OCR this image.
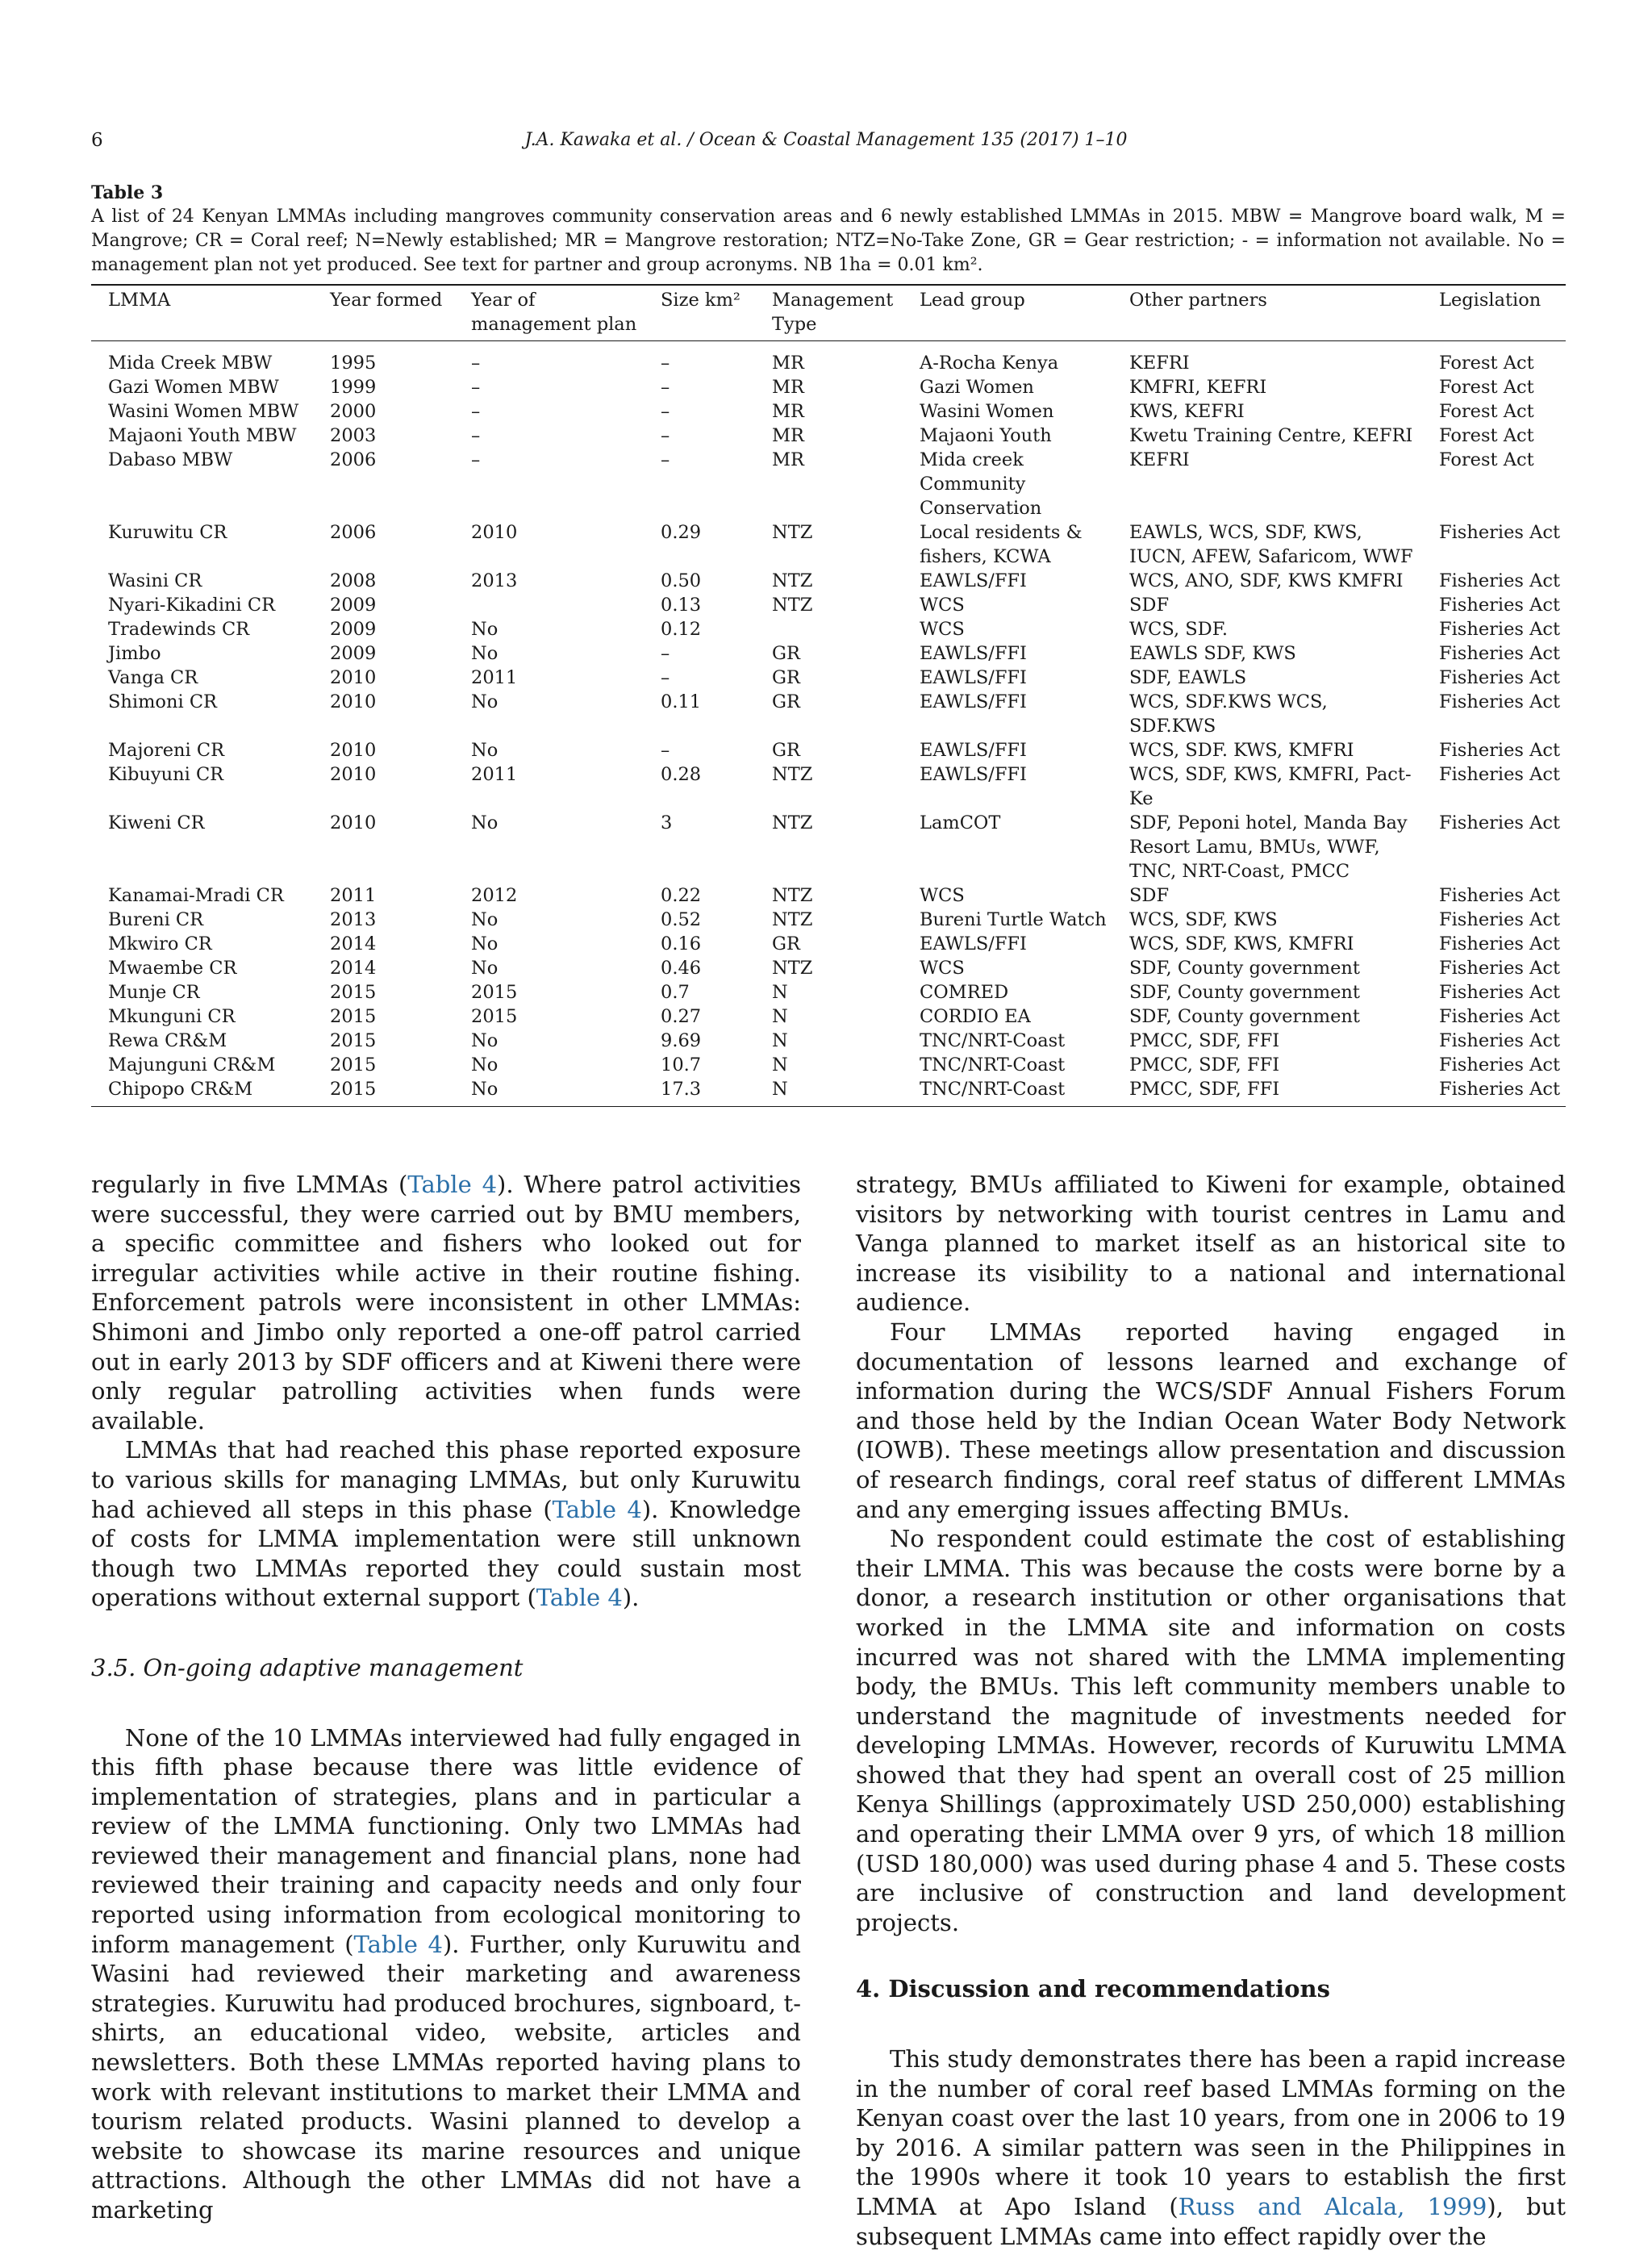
6	J.A. Kawaka et al. / Ocean & Coastal Management 135 (2017) 1–10
Table 3
A list of 24 Kenyan LMMAs including mangroves community conservation areas and 6 newly established LMMAs in 2015. MBW = Mangrove board walk, M = Mangrove; CR = Coral reef; N=Newly established; MR = Mangrove restoration; NTZ=No-Take Zone, GR = Gear restriction; - = information not available. No = management plan not yet produced. See text for partner and group acronyms. NB 1ha = 0.01 km².
LMMA	Year formed	Year of management plan	Size km²	Management Type	Lead group	Other partners	Legislation
Mida Creek MBW	1995	–	–	MR	A-Rocha Kenya	KEFRI	Forest Act
Gazi Women MBW	1999	–	–	MR	Gazi Women	KMFRI, KEFRI	Forest Act
Wasini Women MBW	2000	–	–	MR	Wasini Women	KWS, KEFRI	Forest Act
Majaoni Youth MBW	2003	–	–	MR	Majaoni Youth	Kwetu Training Centre, KEFRI	Forest Act
Dabaso MBW	2006	–	–	MR	Mida creek Community Conservation	KEFRI	Forest Act
Kuruwitu CR	2006	2010	0.29	NTZ	Local residents & fishers, KCWA	EAWLS, WCS, SDF, KWS, IUCN, AFEW, Safaricom, WWF	Fisheries Act
Wasini CR	2008	2013	0.50	NTZ	EAWLS/FFI	WCS, ANO, SDF, KWS KMFRI	Fisheries Act
Nyari-Kikadini CR	2009		0.13	NTZ	WCS	SDF	Fisheries Act
Tradewinds CR	2009	No	0.12		WCS	WCS, SDF.	Fisheries Act
Jimbo	2009	No	–	GR	EAWLS/FFI	EAWLS SDF, KWS	Fisheries Act
Vanga CR	2010	2011	–	GR	EAWLS/FFI	SDF, EAWLS	Fisheries Act
Shimoni CR	2010	No	0.11	GR	EAWLS/FFI	WCS, SDF.KWS WCS, SDF.KWS	Fisheries Act
Majoreni CR	2010	No	–	GR	EAWLS/FFI	WCS, SDF. KWS, KMFRI	Fisheries Act
Kibuyuni CR	2010	2011	0.28	NTZ	EAWLS/FFI	WCS, SDF, KWS, KMFRI, Pact-Ke	Fisheries Act
Kiweni CR	2010	No	3	NTZ	LamCOT	SDF, Peponi hotel, Manda Bay Resort Lamu, BMUs, WWF, TNC, NRT-Coast, PMCC	Fisheries Act
Kanamai-Mradi CR	2011	2012	0.22	NTZ	WCS	SDF	Fisheries Act
Bureni CR	2013	No	0.52	NTZ	Bureni Turtle Watch	WCS, SDF, KWS	Fisheries Act
Mkwiro CR	2014	No	0.16	GR	EAWLS/FFI	WCS, SDF, KWS, KMFRI	Fisheries Act
Mwaembe CR	2014	No	0.46	NTZ	WCS	SDF, County government	Fisheries Act
Munje CR	2015	2015	0.7	N	COMRED	SDF, County government	Fisheries Act
Mkunguni CR	2015	2015	0.27	N	CORDIO EA	SDF, County government	Fisheries Act
Rewa CR&M	2015	No	9.69	N	TNC/NRT-Coast	PMCC, SDF, FFI	Fisheries Act
Majunguni CR&M	2015	No	10.7	N	TNC/NRT-Coast	PMCC, SDF, FFI	Fisheries Act
Chipopo CR&M	2015	No	17.3	N	TNC/NRT-Coast	PMCC, SDF, FFI	Fisheries Act

regularly in five LMMAs (Table 4). Where patrol activities were successful, they were carried out by BMU members, a specific committee and fishers who looked out for irregular activities while active in their routine fishing. Enforcement patrols were inconsistent in other LMMAs: Shimoni and Jimbo only reported a one-off patrol carried out in early 2013 by SDF officers and at Kiweni there were only regular patrolling activities when funds were available.

LMMAs that had reached this phase reported exposure to various skills for managing LMMAs, but only Kuruwitu had achieved all steps in this phase (Table 4). Knowledge of costs for LMMA implementation were still unknown though two LMMAs reported they could sustain most operations without external support (Table 4).

3.5. On-going adaptive management

None of the 10 LMMAs interviewed had fully engaged in this fifth phase because there was little evidence of implementation of strategies, plans and in particular a review of the LMMA functioning. Only two LMMAs had reviewed their management and financial plans, none had reviewed their training and capacity needs and only four reported using information from ecological monitoring to inform management (Table 4). Further, only Kuruwitu and Wasini had reviewed their marketing and awareness strategies. Kuruwitu had produced brochures, signboard, t-shirts, an educational video, website, articles and newsletters. Both these LMMAs reported having plans to work with relevant institutions to market their LMMA and tourism related products. Wasini planned to develop a website to showcase its marine resources and unique attractions. Although the other LMMAs did not have a marketing

strategy, BMUs affiliated to Kiweni for example, obtained visitors by networking with tourist centres in Lamu and Vanga planned to market itself as an historical site to increase its visibility to a national and international audience.

Four LMMAs reported having engaged in documentation of lessons learned and exchange of information during the WCS/SDF Annual Fishers Forum and those held by the Indian Ocean Water Body Network (IOWB). These meetings allow presentation and discussion of research findings, coral reef status of different LMMAs and any emerging issues affecting BMUs.

No respondent could estimate the cost of establishing their LMMA. This was because the costs were borne by a donor, a research institution or other organisations that worked in the LMMA site and information on costs incurred was not shared with the LMMA implementing body, the BMUs. This left community members unable to understand the magnitude of investments needed for developing LMMAs. However, records of Kuruwitu LMMA showed that they had spent an overall cost of 25 million Kenya Shillings (approximately USD 250,000) establishing and operating their LMMA over 9 yrs, of which 18 million (USD 180,000) was used during phase 4 and 5. These costs are inclusive of construction and land development projects.

4. Discussion and recommendations

This study demonstrates there has been a rapid increase in the number of coral reef based LMMAs forming on the Kenyan coast over the last 10 years, from one in 2006 to 19 by 2016. A similar pattern was seen in the Philippines in the 1990s where it took 10 years to establish the first LMMA at Apo Island (Russ and Alcala, 1999), but subsequent LMMAs came into effect rapidly over the
